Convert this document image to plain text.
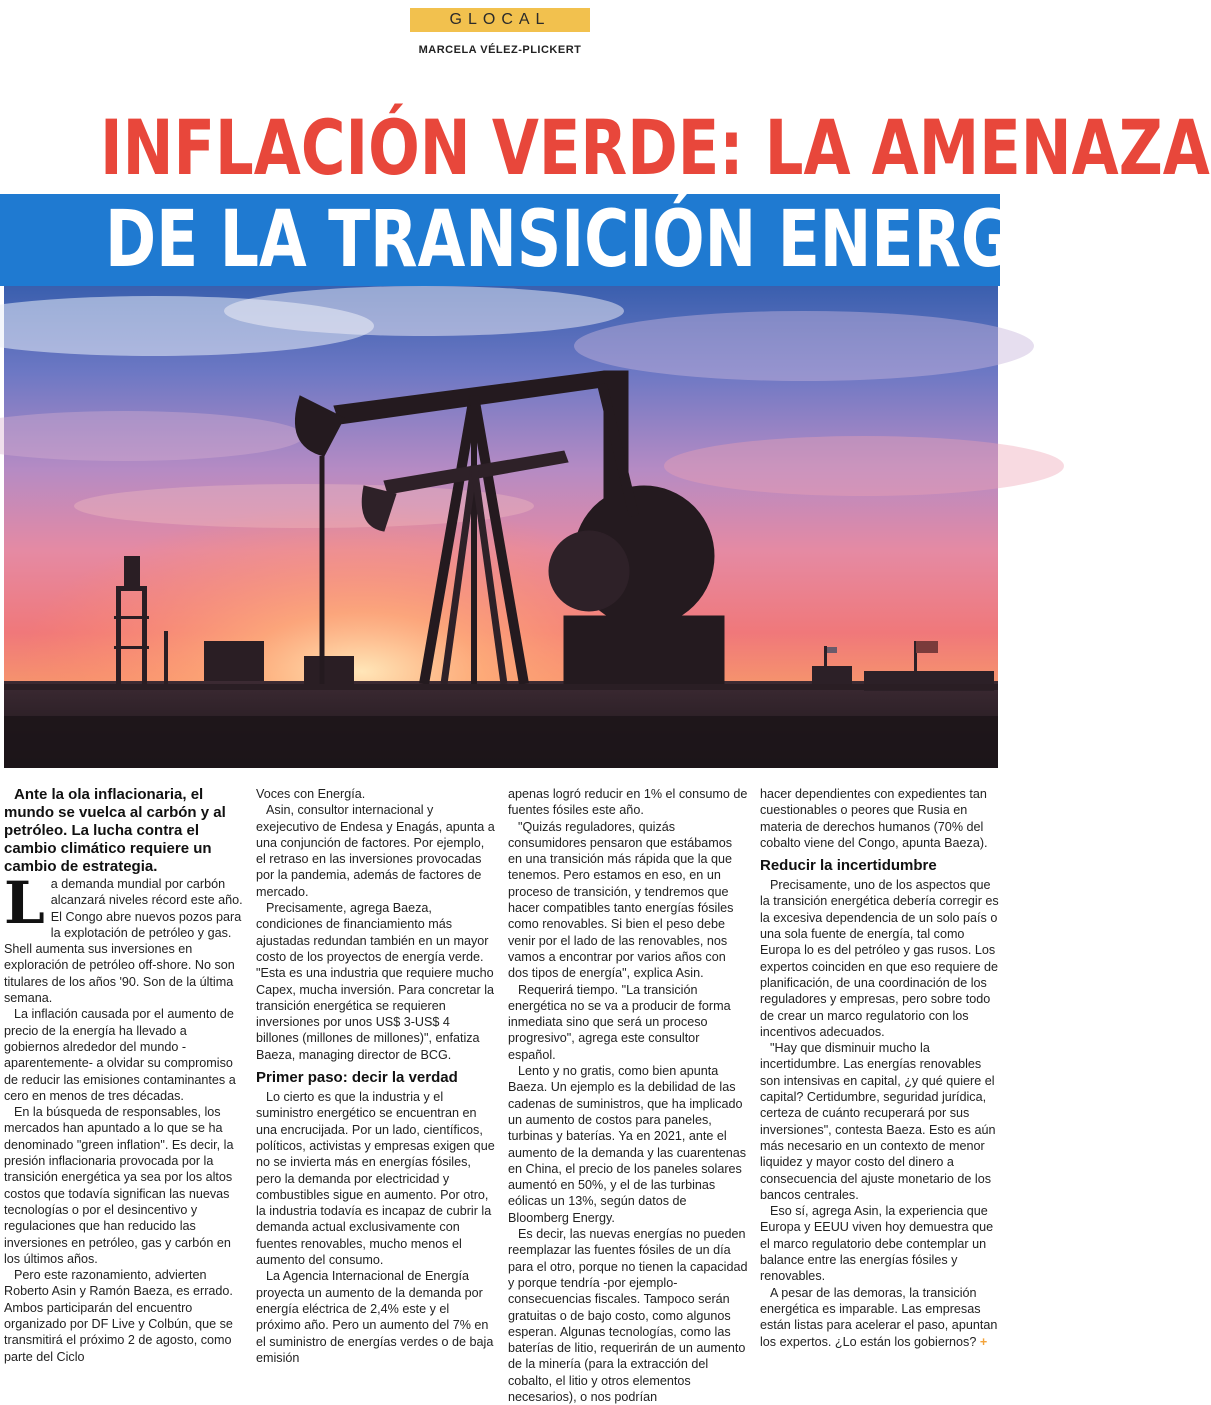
GLOCAL
MARCELA VÉLEZ-PLICKERT
INFLACIÓN VERDE: LA AMENAZA
DE LA TRANSICIÓN ENERGÉTICA

Ante la ola inflacionaria, el mundo se vuelca al carbón y al petróleo. La lucha contra el cambio climático requiere un cambio de estrategia.

L a demanda mundial por carbón alcanzará niveles récord este año. El Congo abre nuevos pozos para la explotación de petróleo y gas. Shell aumenta sus inversiones en exploración de petróleo off-shore. No son titulares de los años '90. Son de la última semana.

La inflación causada por el aumento de precio de la energía ha llevado a gobiernos alrededor del mundo -aparentemente- a olvidar su compromiso de reducir las emisiones contaminantes a cero en menos de tres décadas.

En la búsqueda de responsables, los mercados han apuntado a lo que se ha denominado "green inflation". Es decir, la presión inflacionaria provocada por la transición energética ya sea por los altos costos que todavía significan las nuevas tecnologías o por el desincentivo y regulaciones que han reducido las inversiones en petróleo, gas y carbón en los últimos años.

Pero este razonamiento, advierten Roberto Asin y Ramón Baeza, es errado. Ambos participarán del encuentro organizado por DF Live y Colbún, que se transmitirá el próximo 2 de agosto, como parte del Ciclo

Voces con Energía.

Asin, consultor internacional y exejecutivo de Endesa y Enagás, apunta a una conjunción de factores. Por ejemplo, el retraso en las inversiones provocadas por la pandemia, además de factores de mercado.

Precisamente, agrega Baeza, condiciones de financiamiento más ajustadas redundan también en un mayor costo de los proyectos de energía verde. "Esta es una industria que requiere mucho Capex, mucha inversión. Para concretar la transición energética se requieren inversiones por unos US$ 3-US$ 4 billones (millones de millones)", enfatiza Baeza, managing director de BCG.

Primer paso: decir la verdad

Lo cierto es que la industria y el suministro energético se encuentran en una encrucijada. Por un lado, científicos, políticos, activistas y empresas exigen que no se invierta más en energías fósiles, pero la demanda por electricidad y combustibles sigue en aumento. Por otro, la industria todavía es incapaz de cubrir la demanda actual exclusivamente con fuentes renovables, mucho menos el aumento del consumo.

La Agencia Internacional de Energía proyecta un aumento de la demanda por energía eléctrica de 2,4% este y el próximo año. Pero un aumento del 7% en el suministro de energías verdes o de baja emisión

apenas logró reducir en 1% el consumo de fuentes fósiles este año.

"Quizás reguladores, quizás consumidores pensaron que estábamos en una transición más rápida que la que tenemos. Pero estamos en eso, en un proceso de transición, y tendremos que hacer compatibles tanto energías fósiles como renovables. Si bien el peso debe venir por el lado de las renovables, nos vamos a encontrar por varios años con dos tipos de energía", explica Asin.

Requerirá tiempo. "La transición energética no se va a producir de forma inmediata sino que será un proceso progresivo", agrega este consultor español.

Lento y no gratis, como bien apunta Baeza. Un ejemplo es la debilidad de las cadenas de suministros, que ha implicado un aumento de costos para paneles, turbinas y baterías. Ya en 2021, ante el aumento de la demanda y las cuarentenas en China, el precio de los paneles solares aumentó en 50%, y el de las turbinas eólicas un 13%, según datos de Bloomberg Energy.

Es decir, las nuevas energías no pueden reemplazar las fuentes fósiles de un día para el otro, porque no tienen la capacidad y porque tendría -por ejemplo- consecuencias fiscales. Tampoco serán gratuitas o de bajo costo, como algunos esperan. Algunas tecnologías, como las baterías de litio, requerirán de un aumento de la minería (para la extracción del cobalto, el litio y otros elementos necesarios), o nos podrían

hacer dependientes con expedientes tan cuestionables o peores que Rusia en materia de derechos humanos (70% del cobalto viene del Congo, apunta Baeza).

Reducir la incertidumbre

Precisamente, uno de los aspectos que la transición energética debería corregir es la excesiva dependencia de un solo país o una sola fuente de energía, tal como Europa lo es del petróleo y gas rusos. Los expertos coinciden en que eso requiere de planificación, de una coordinación de los reguladores y empresas, pero sobre todo de crear un marco regulatorio con los incentivos adecuados.

"Hay que disminuir mucho la incertidumbre. Las energías renovables son intensivas en capital, ¿y qué quiere el capital? Certidumbre, seguridad jurídica, certeza de cuánto recuperará por sus inversiones", contesta Baeza. Esto es aún más necesario en un contexto de menor liquidez y mayor costo del dinero a consecuencia del ajuste monetario de los bancos centrales.

Eso sí, agrega Asin, la experiencia que Europa y EEUU viven hoy demuestra que el marco regulatorio debe contemplar un balance entre las energías fósiles y renovables.

A pesar de las demoras, la transición energética es imparable. Las empresas están listas para acelerar el paso, apuntan los expertos. ¿Lo están los gobiernos? +
